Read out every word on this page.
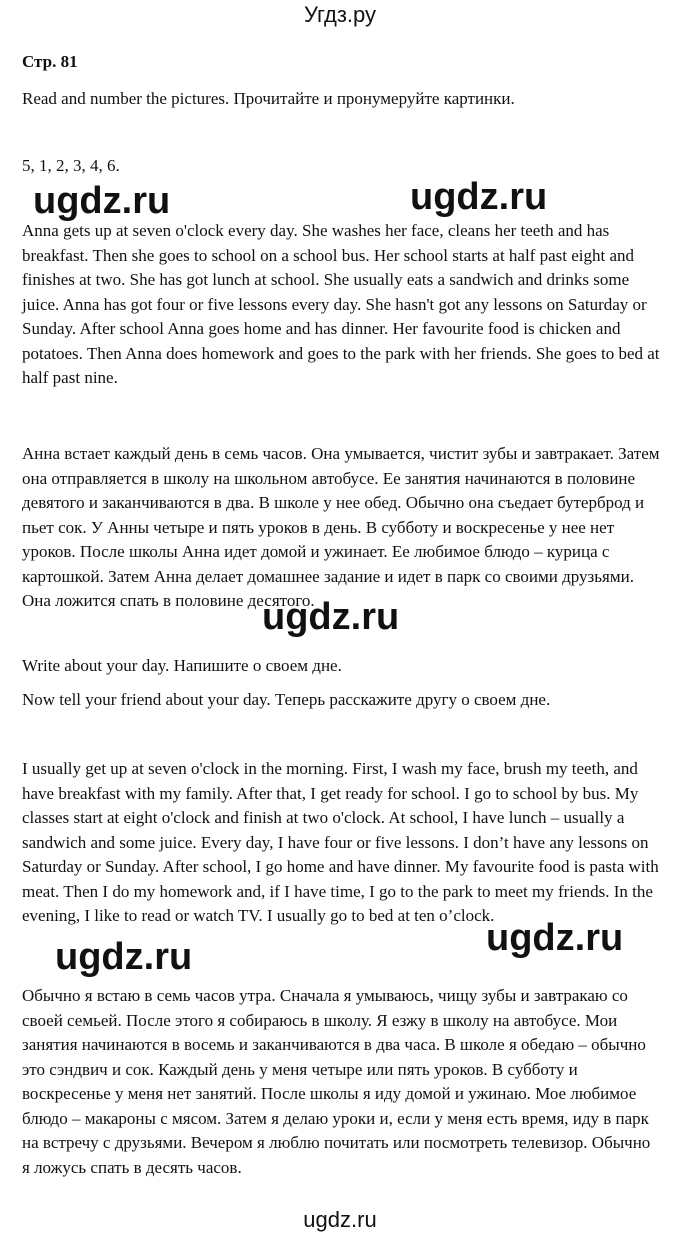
Угдз.ру
Стр. 81
Read and number the pictures. Прочитайте и пронумеруйте картинки.
5, 1, 2, 3, 4, 6.
Anna gets up at seven o'clock every day. She washes her face, cleans her teeth and has breakfast. Then she goes to school on a school bus. Her school starts at half past eight and finishes at two. She has got lunch at school. She usually eats a sandwich and drinks some juice. Anna has got four or five lessons every day. She hasn't got any lessons on Saturday or Sunday. After school Anna goes home and has dinner. Her favourite food is chicken and potatoes. Then Anna does homework and goes to the park with her friends. She goes to bed at half past nine.
Анна встает каждый день в семь часов. Она умывается, чистит зубы и завтракает. Затем она отправляется в школу на школьном автобусе. Ее занятия начинаются в половине девятого и заканчиваются в два. В школе у нее обед. Обычно она съедает бутерброд и пьет сок. У Анны четыре и пять уроков в день. В субботу и воскресенье у нее нет уроков. После школы Анна идет домой и ужинает. Ее любимое блюдо – курица с картошкой. Затем Анна делает домашнее задание и идет в парк со своими друзьями. Она ложится спать в половине десятого.
Write about your day. Напишите о своем дне.
Now tell your friend about your day. Теперь расскажите другу о своем дне.
I usually get up at seven o'clock in the morning. First, I wash my face, brush my teeth, and have breakfast with my family. After that, I get ready for school. I go to school by bus. My classes start at eight o'clock and finish at two o'clock. At school, I have lunch – usually a sandwich and some juice. Every day, I have four or five lessons. I don’t have any lessons on Saturday or Sunday. After school, I go home and have dinner. My favourite food is pasta with meat. Then I do my homework and, if I have time, I go to the park to meet my friends. In the evening, I like to read or watch TV. I usually go to bed at ten o’clock.
Обычно я встаю в семь часов утра. Сначала я умываюсь, чищу зубы и завтракаю со своей семьей. После этого я собираюсь в школу. Я езжу в школу на автобусе. Мои занятия начинаются в восемь и заканчиваются в два часа. В школе я обедаю – обычно это сэндвич и сок. Каждый день у меня четыре или пять уроков. В субботу и воскресенье у меня нет занятий. После школы я иду домой и ужинаю. Мое любимое блюдо – макароны с мясом. Затем я делаю уроки и, если у меня есть время, иду в парк на встречу с друзьями. Вечером я люблю почитать или посмотреть телевизор. Обычно я ложусь спать в десять часов.
ugdz.ru	ugdz.ru
ugdz.ru
ugdz.ru
ugdz.ru
ugdz.ru
